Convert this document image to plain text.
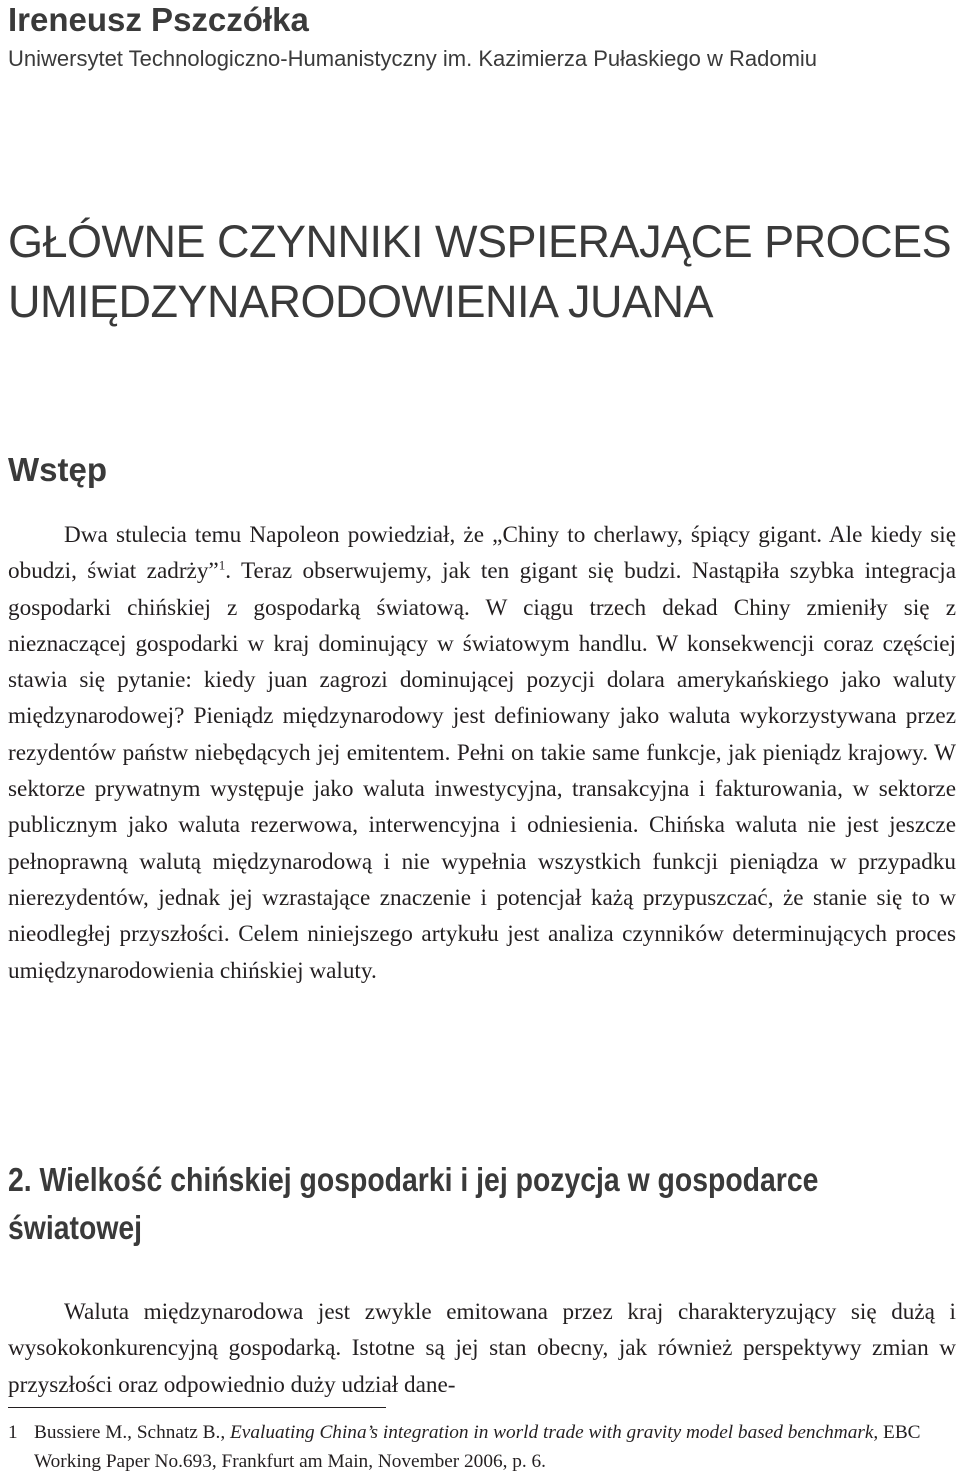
Ireneusz Pszczółka
Uniwersytet Technologiczno-Humanistyczny im. Kazimierza Pułaskiego w Radomiu
GŁÓWNE CZYNNIKI WSPIERAJĄCE PROCES
UMIĘDZYNARODOWIENIA JUANA
Wstęp

Dwa stulecia temu Napoleon powiedział, że „Chiny to cherlawy, śpiący gigant. Ale kiedy się obudzi, świat zadrży”$^1$. Teraz obserwujemy, jak ten gigant się budzi. Nastąpiła szybka integracja gospodarki chińskiej z gospodarką światową. W ciągu trzech dekad Chiny zmieniły się z nieznaczącej gospodarki w kraj dominujący w światowym handlu. W konsekwencji coraz częściej stawia się pytanie: kiedy juan zagrozi dominującej pozycji dolara amerykańskiego jako waluty międzynarodowej? Pieniądz międzynarodowy jest definiowany jako waluta wykorzystywana przez rezydentów państw niebędących jej emitentem. Pełni on takie same funkcje, jak pieniądz krajowy. W sektorze prywatnym występuje jako waluta inwestycyjna, transakcyjna i fakturowania, w sektorze publicznym jako waluta rezerwowa, interwencyjna i odniesienia. Chińska waluta nie jest jeszcze pełnoprawną walutą międzynarodową i nie wypełnia wszystkich funkcji pieniądza w przypadku nierezydentów, jednak jej wzrastające znaczenie i potencjał każą przypuszczać, że stanie się to w nieodległej przyszłości. Celem niniejszego artykułu jest analiza czynników determinujących proces umiędzynarodowienia chińskiej waluty.

2. Wielkość chińskiej gospodarki i jej pozycja w gospodarce światowej

Waluta międzynarodowa jest zwykle emitowana przez kraj charakteryzujący się dużą i wysokokonkurencyjną gospodarką. Istotne są jej stan obecny, jak również perspektywy zmian w przyszłości oraz odpowiednio duży udział dane-

1 Bussiere M., Schnatz B., Evaluating China’s integration in world trade with gravity model based benchmark, EBC Working Paper No.693, Frankfurt am Main, November 2006, p. 6.
